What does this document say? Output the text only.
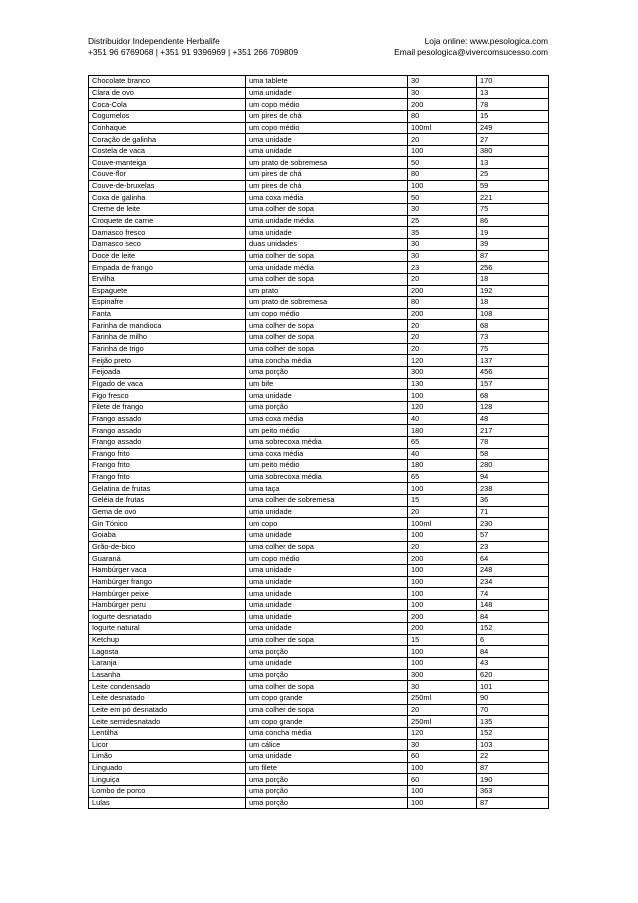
Distribuidor Independente Herbalife
+351 96 6769068 | +351 91 9396969 | +351 266 709809
Loja online: www.pesologica.com
Email pesologica@vivercomsucesso.com
Chocolate branco	uma tablete	30	170
Clara de ovo	uma unidade	30	13
Coca-Cola	um copo médio	200	78
Cogumelos	um pires de chá	80	15
Conhaque	um copo médio	100ml	249
Coração de galinha	uma unidade	20	27
Costela de vaca	uma unidade	100	380
Couve-manteiga	um prato de sobremesa	50	13
Couve-flor	um pires de chá	80	25
Couve-de-bruxelas	um pires de chá	100	59
Coxa de galinha	uma coxa média	50	221
Creme de leite	uma colher de sopa	30	75
Croquete de carne	uma unidade média	25	86
Damasco fresco	uma unidade	35	19
Damasco seco	duas unidades	30	39
Doce de leite	uma colher de sopa	30	87
Empada de frango	uma unidade média	23	256
Ervilha	uma colher de sopa	20	18
Espaguete	um prato	200	192
Espinafre	um prato de sobremesa	80	18
Fanta	um copo médio	200	108
Farinha de mandioca	uma colher de sopa	20	68
Farinha de milho	uma colher de sopa	20	73
Farinha de trigo	uma colher de sopa	20	75
Feijão preto	uma concha média	120	137
Feijoada	uma porção	300	456
Fígado de vaca	um bife	130	157
Figo fresco	uma unidade	100	68
Filete de frango	uma porção	120	128
Frango assado	uma coxa média	40	48
Frango assado	um peito médio	180	217
Frango assado	uma sobrecoxa média	65	78
Frango frito	uma coxa média	40	58
Frango frito	um peito médio	180	280
Frango frito	uma sobrecoxa média	65	94
Gelatina de frutas	uma taça	100	238
Geléia de frutas	uma colher de sobremesa	15	36
Gema de ovo	uma unidade	20	71
Gin Tónico	um copo	100ml	230
Goiaba	uma unidade	100	57
Grão-de-bico	uma colher de sopa	20	23
Guaraná	um copo médio	200	64
Hambúrger vaca	uma unidade	100	248
Hambúrger frango	uma unidade	100	234
Hambúrger peixe	uma unidade	100	74
Hambúrger peru	uma unidade	100	148
Iogurte desnatado	uma unidade	200	84
Iogurte natural	uma unidade	200	152
Ketchup	uma colher de sopa	15	6
Lagosta	uma porção	100	84
Laranja	uma unidade	100	43
Lasanha	uma porção	300	620
Leite condensado	uma colher de sopa	30	101
Leite desnatado	um copo grande	250ml	90
Leite em pó desnatado	uma colher de sopa	20	70
Leite semidesnatado	um copo grande	250ml	135
Lentilha	uma concha média	120	152
Licor	um cálice	30	103
Limão	uma unidade	60	22
Linguado	um filete	100	87
Linguiça	uma porção	60	190
Lombo de porco	uma porção	100	363
Lulas	uma porção	100	87
